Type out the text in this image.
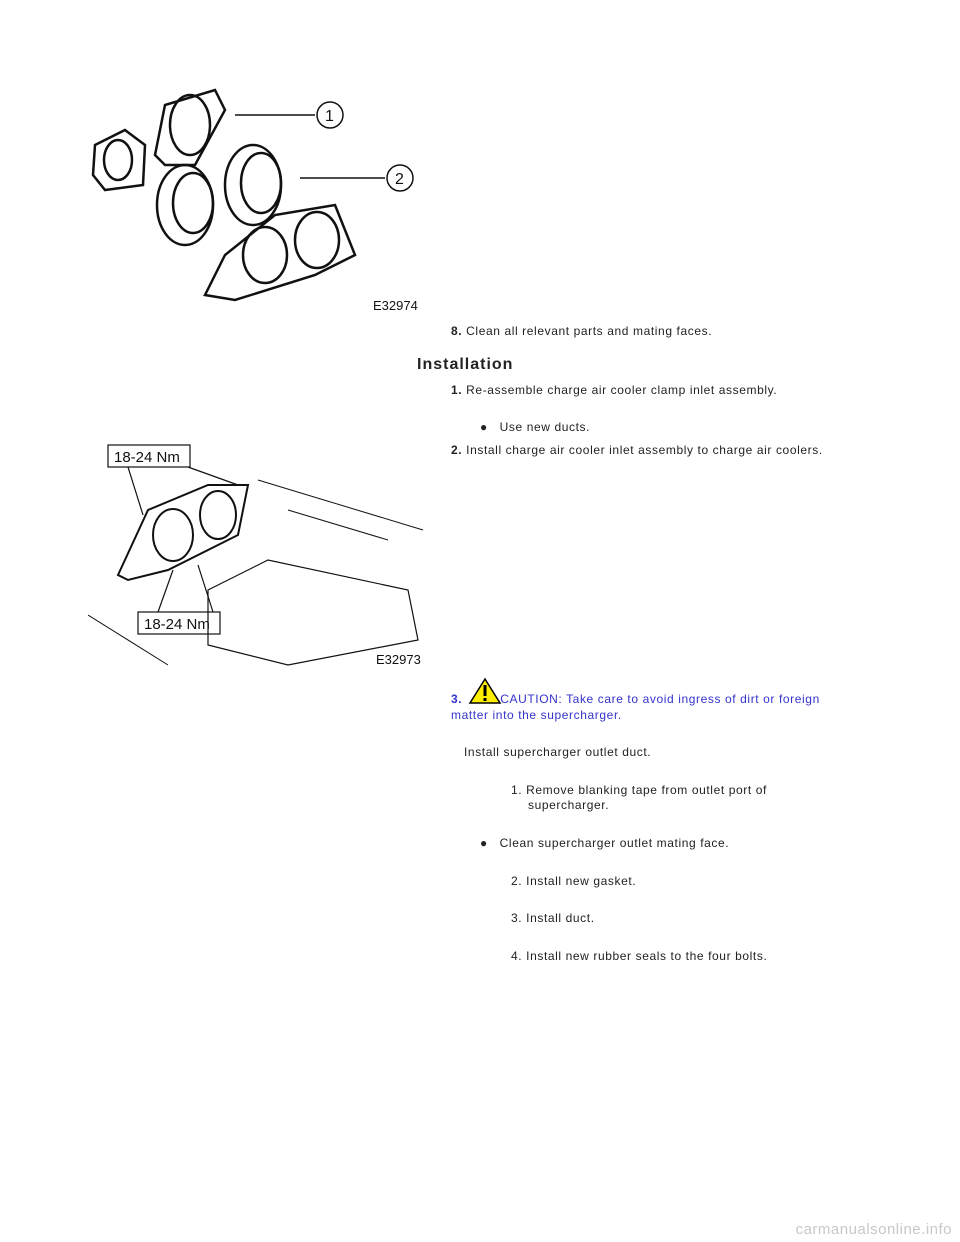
1
2
E32974
8. Clean all relevant parts and mating faces.
Installation
1. Re-assemble charge air cooler clamp inlet assembly.
●   Use new ducts.
2. Install charge air cooler inlet assembly to charge air coolers.
18-24 Nm
18-24 Nm
E32973
3.	CAUTION: Take care to avoid ingress of dirt or foreign
matter into the supercharger.
Install supercharger outlet duct.
1. Remove blanking tape from outlet port of
supercharger.
●   Clean supercharger outlet mating face.
2. Install new gasket.
3. Install duct.
4. Install new rubber seals to the four bolts.
carmanualsonline.info
